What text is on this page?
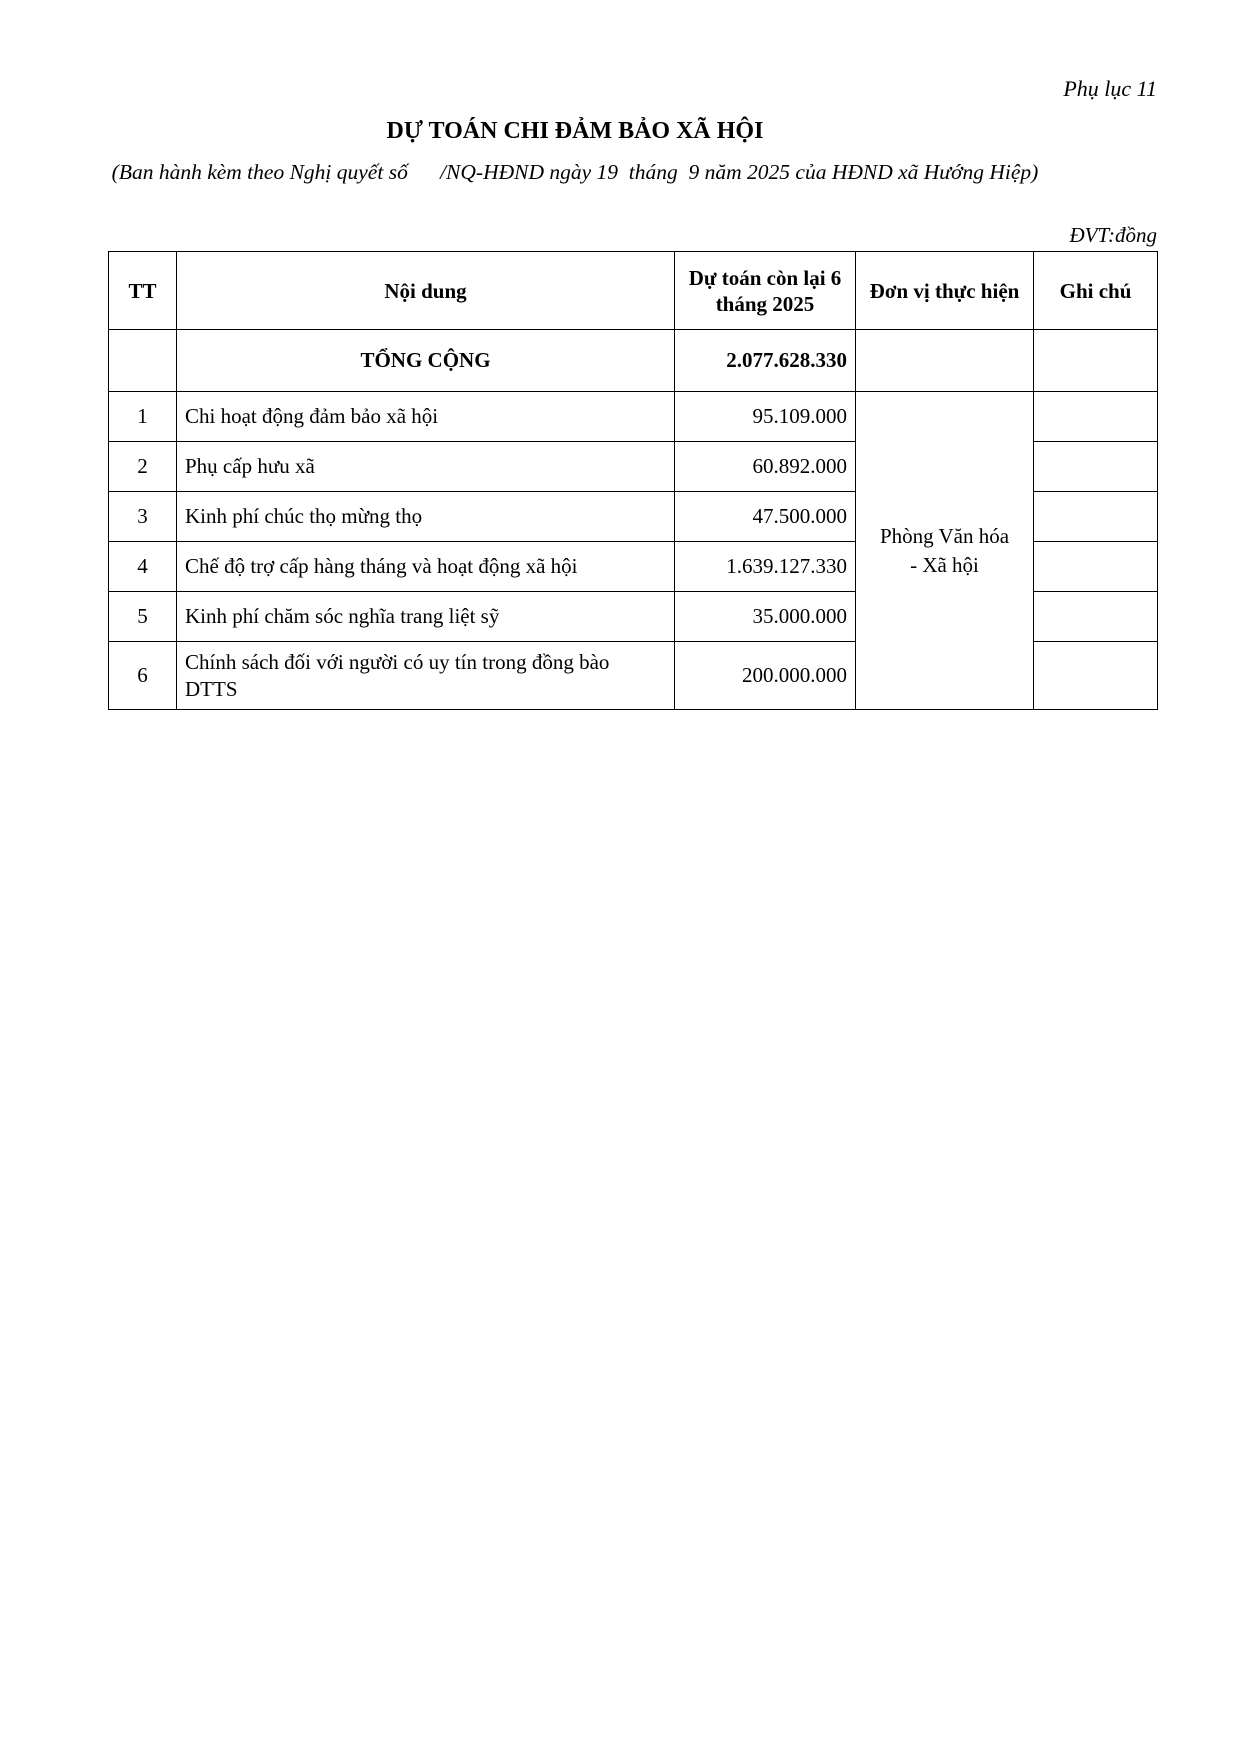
Phụ lục 11
DỰ TOÁN CHI ĐẢM BẢO XÃ HỘI
(Ban hành kèm theo Nghị quyết số      /NQ-HĐND ngày 19  tháng  9 năm 2025 của HĐND xã Hướng Hiệp)
ĐVT:đồng
TT	Nội dung	Dự toán còn lại 6 tháng 2025	Đơn vị thực hiện	Ghi chú
	TỔNG CỘNG	2.077.628.330		
1	Chi hoạt động đảm bảo xã hội	95.109.000	Phòng Văn hóa
- Xã hội	
2	Phụ cấp hưu xã	60.892.000		
3	Kinh phí chúc thọ mừng thọ	47.500.000		
4	Chế độ trợ cấp hàng tháng và hoạt động xã hội	1.639.127.330		
5	Kinh phí chăm sóc nghĩa trang liệt sỹ	35.000.000		
6	Chính sách đối với người có uy tín trong đồng bào DTTS	200.000.000		
